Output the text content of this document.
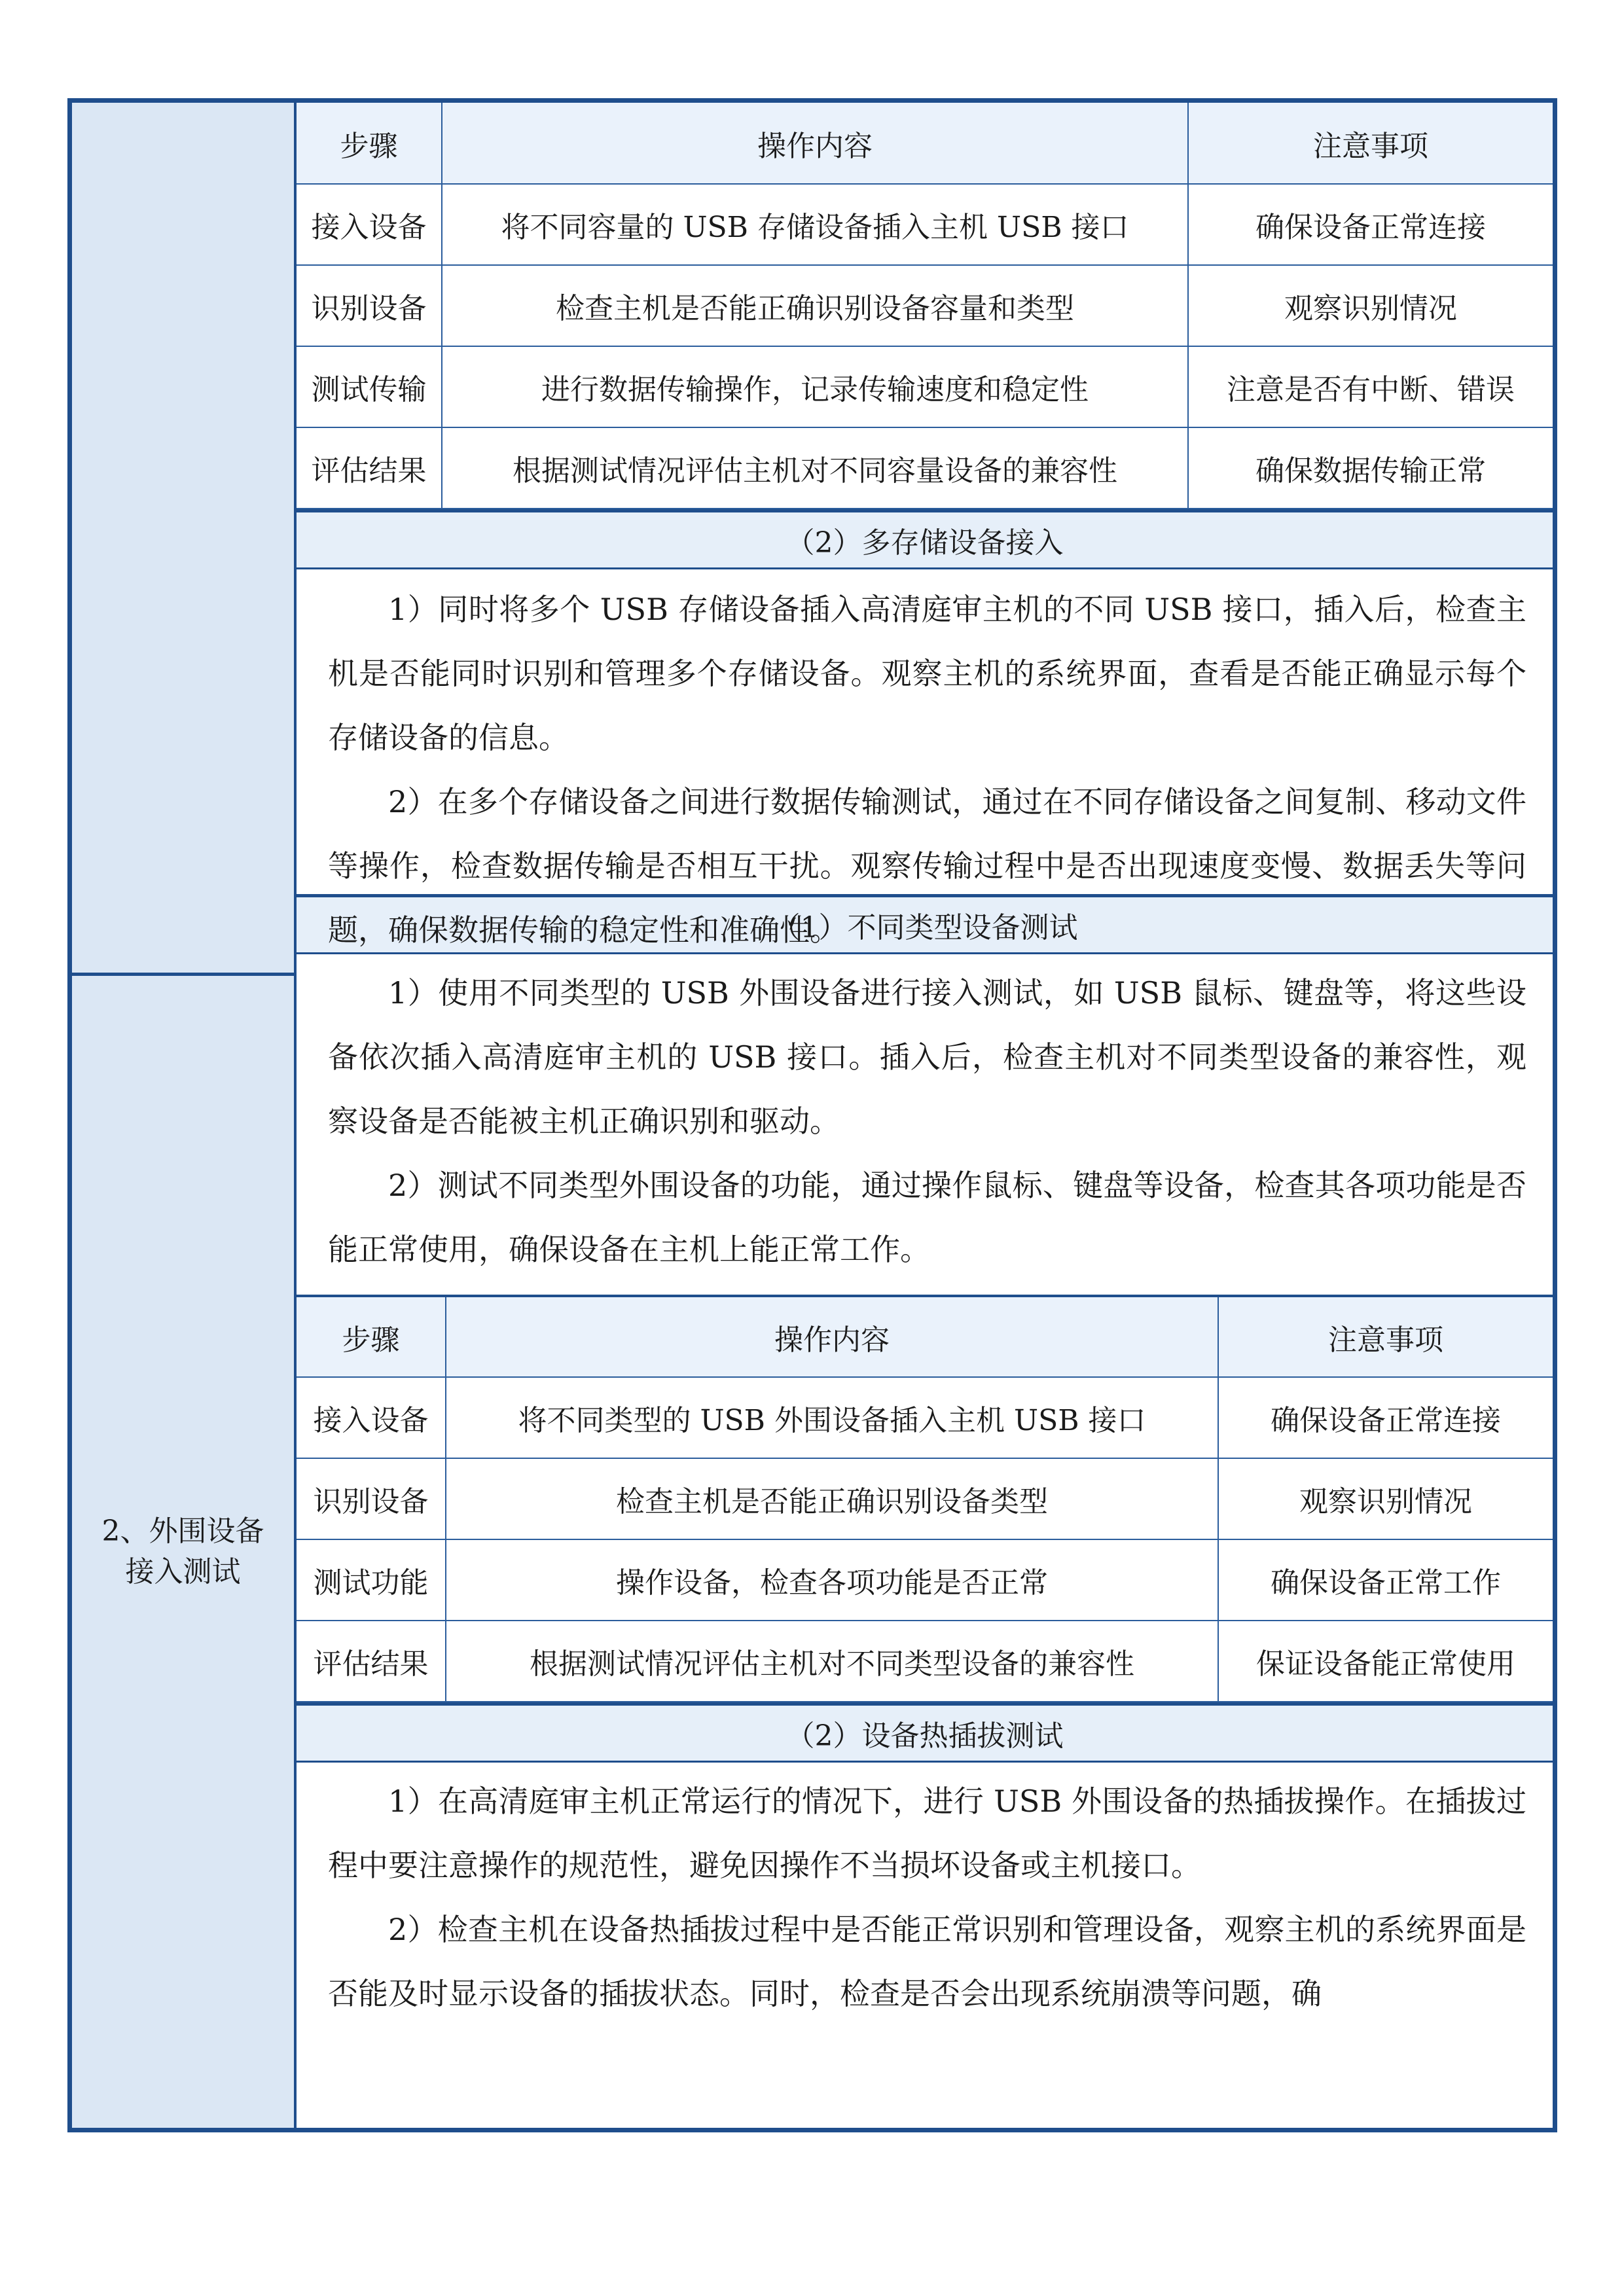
2、外围设备接入测试
步骤	操作内容	注意事项
接入设备	将不同容量的 USB 存储设备插入主机 USB 接口	确保设备正常连接
识别设备	检查主机是否能正确识别设备容量和类型	观察识别情况
测试传输	进行数据传输操作，记录传输速度和稳定性	注意是否有中断、错误
评估结果	根据测试情况评估主机对不同容量设备的兼容性	确保数据传输正常
（2）多存储设备接入

1）同时将多个 USB 存储设备插入高清庭审主机的不同 USB 接口，插入后，检查主机是否能同时识别和管理多个存储设备。观察主机的系统界面，查看是否能正确显示每个存储设备的信息。

2）在多个存储设备之间进行数据传输测试，通过在不同存储设备之间复制、移动文件等操作，检查数据传输是否相互干扰。观察传输过程中是否出现速度变慢、数据丢失等问题，确保数据传输的稳定性和准确性。

（1）不同类型设备测试

1）使用不同类型的 USB 外围设备进行接入测试，如 USB 鼠标、键盘等，将这些设备依次插入高清庭审主机的 USB 接口。插入后，检查主机对不同类型设备的兼容性，观察设备是否能被主机正确识别和驱动。

2）测试不同类型外围设备的功能，通过操作鼠标、键盘等设备，检查其各项功能是否能正常使用，确保设备在主机上能正常工作。

步骤	操作内容	注意事项
接入设备	将不同类型的 USB 外围设备插入主机 USB 接口	确保设备正常连接
识别设备	检查主机是否能正确识别设备类型	观察识别情况
测试功能	操作设备，检查各项功能是否正常	确保设备正常工作
评估结果	根据测试情况评估主机对不同类型设备的兼容性	保证设备能正常使用
（2）设备热插拔测试

1）在高清庭审主机正常运行的情况下，进行 USB 外围设备的热插拔操作。在插拔过程中要注意操作的规范性，避免因操作不当损坏设备或主机接口。

2）检查主机在设备热插拔过程中是否能正常识别和管理设备，观察主机的系统界面是否能及时显示设备的插拔状态。同时，检查是否会出现系统崩溃等问题，确
